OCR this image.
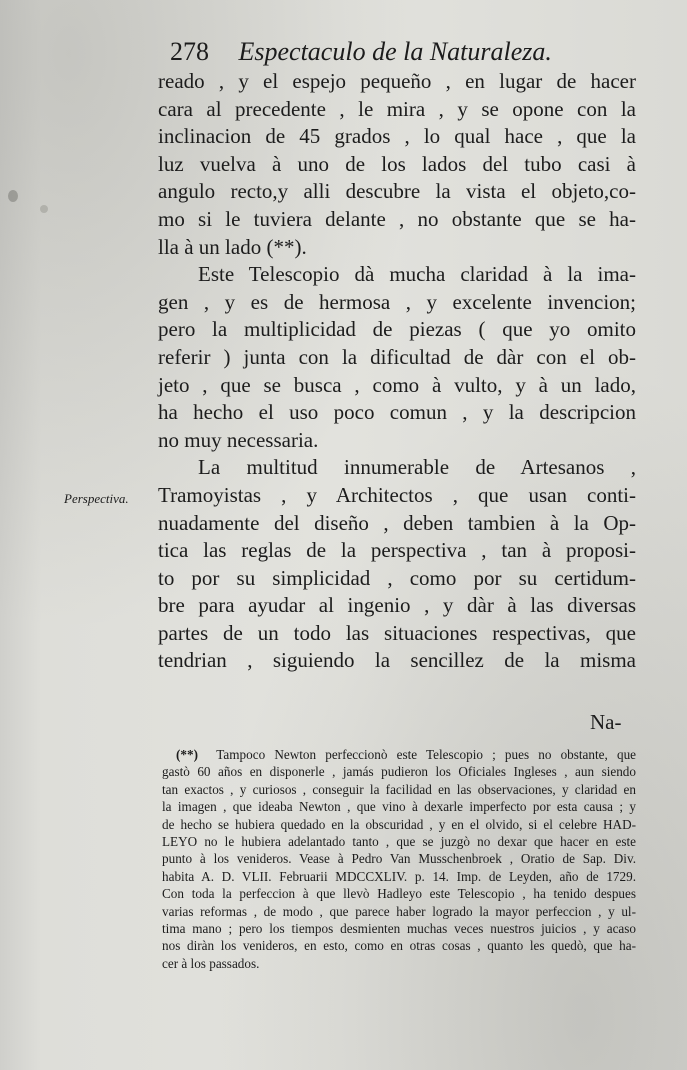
278 Espectaculo de la Naturaleza.
Perspectiva.
reado , y el espejo pequeño , en lugar de hacer
cara al precedente , le mira , y se opone con la
inclinacion de 45 grados , lo qual hace , que la
luz vuelva à uno de los lados del tubo casi à
angulo recto,y alli descubre la vista el objeto,co-
mo si le tuviera delante , no obstante que se ha-
lla à un lado (**).
Este Telescopio dà mucha claridad à la ima-
gen , y es de hermosa , y excelente invencion;
pero la multiplicidad de piezas ( que yo omito
referir ) junta con la dificultad de dàr con el ob-
jeto , que se busca , como à vulto, y à un lado,
ha hecho el uso poco comun , y la descripcion
no muy necessaria.
La multitud innumerable de Artesanos ,
Tramoyistas , y Architectos , que usan conti-
nuadamente del diseño , deben tambien à la Op-
tica las reglas de la perspectiva , tan à proposi-
to por su simplicidad , como por su certidum-
bre para ayudar al ingenio , y dàr à las diversas
partes de un todo las situaciones respectivas, que
tendrian , siguiendo la sencillez de la misma
Na-
(**) Tampoco Newton perfeccionò este Telescopio ; pues no obstante, que
gastò 60 años en disponerle , jamás pudieron los Oficiales Ingleses , aun siendo
tan exactos , y curiosos , conseguir la facilidad en las observaciones, y claridad en
la imagen , que ideaba Newton , que vino à dexarle imperfecto por esta causa ; y
de hecho se hubiera quedado en la obscuridad , y en el olvido, si el celebre HAD-
LEYO no le hubiera adelantado tanto , que se juzgò no dexar que hacer en este
punto à los venideros. Vease à Pedro Van Musschenbroek , Oratio de Sap. Div.
habita A. D. VLII. Februarii MDCCXLIV. p. 14. Imp. de Leyden, año de 1729.
Con toda la perfeccion à que llevò Hadleyo este Telescopio , ha tenido despues
varias reformas , de modo , que parece haber logrado la mayor perfeccion , y ul-
tima mano ; pero los tiempos desmienten muchas veces nuestros juicios , y acaso
nos diràn los venideros, en esto, como en otras cosas , quanto les quedò, que ha-
cer à los passados.
